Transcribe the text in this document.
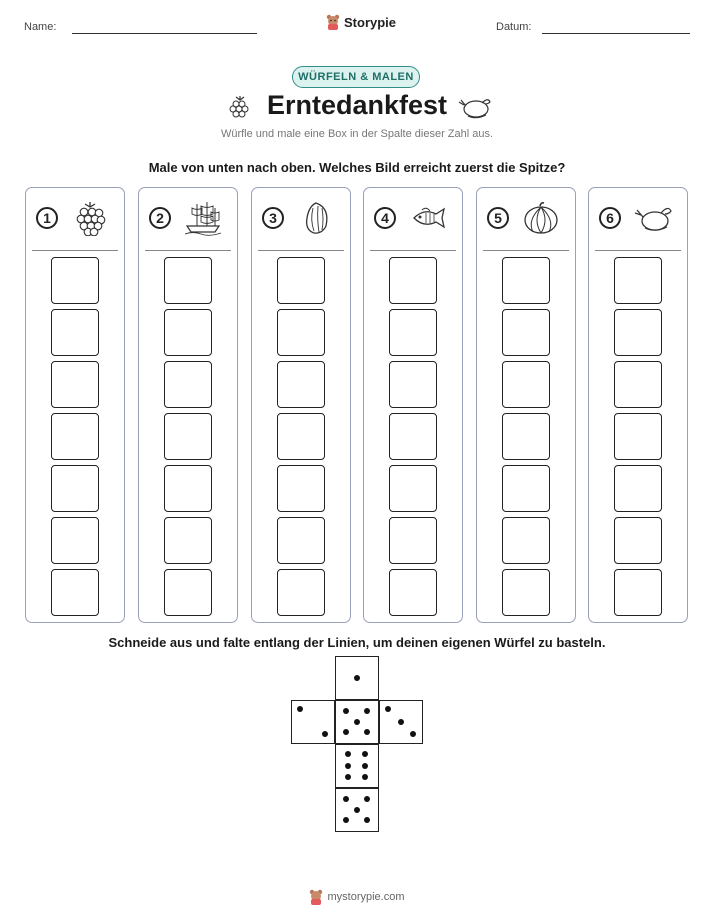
Name:	Storypie	Datum:
WÜRFELN & MALEN
Erntedankfest
Würfle und male eine Box in der Spalte dieser Zahl aus.
Male von unten nach oben. Welches Bild erreicht zuerst die Spitze?
1	2	3	4	5	6
Schneide aus und falte entlang der Linien, um deinen eigenen Würfel zu basteln.
mystorypie.com
